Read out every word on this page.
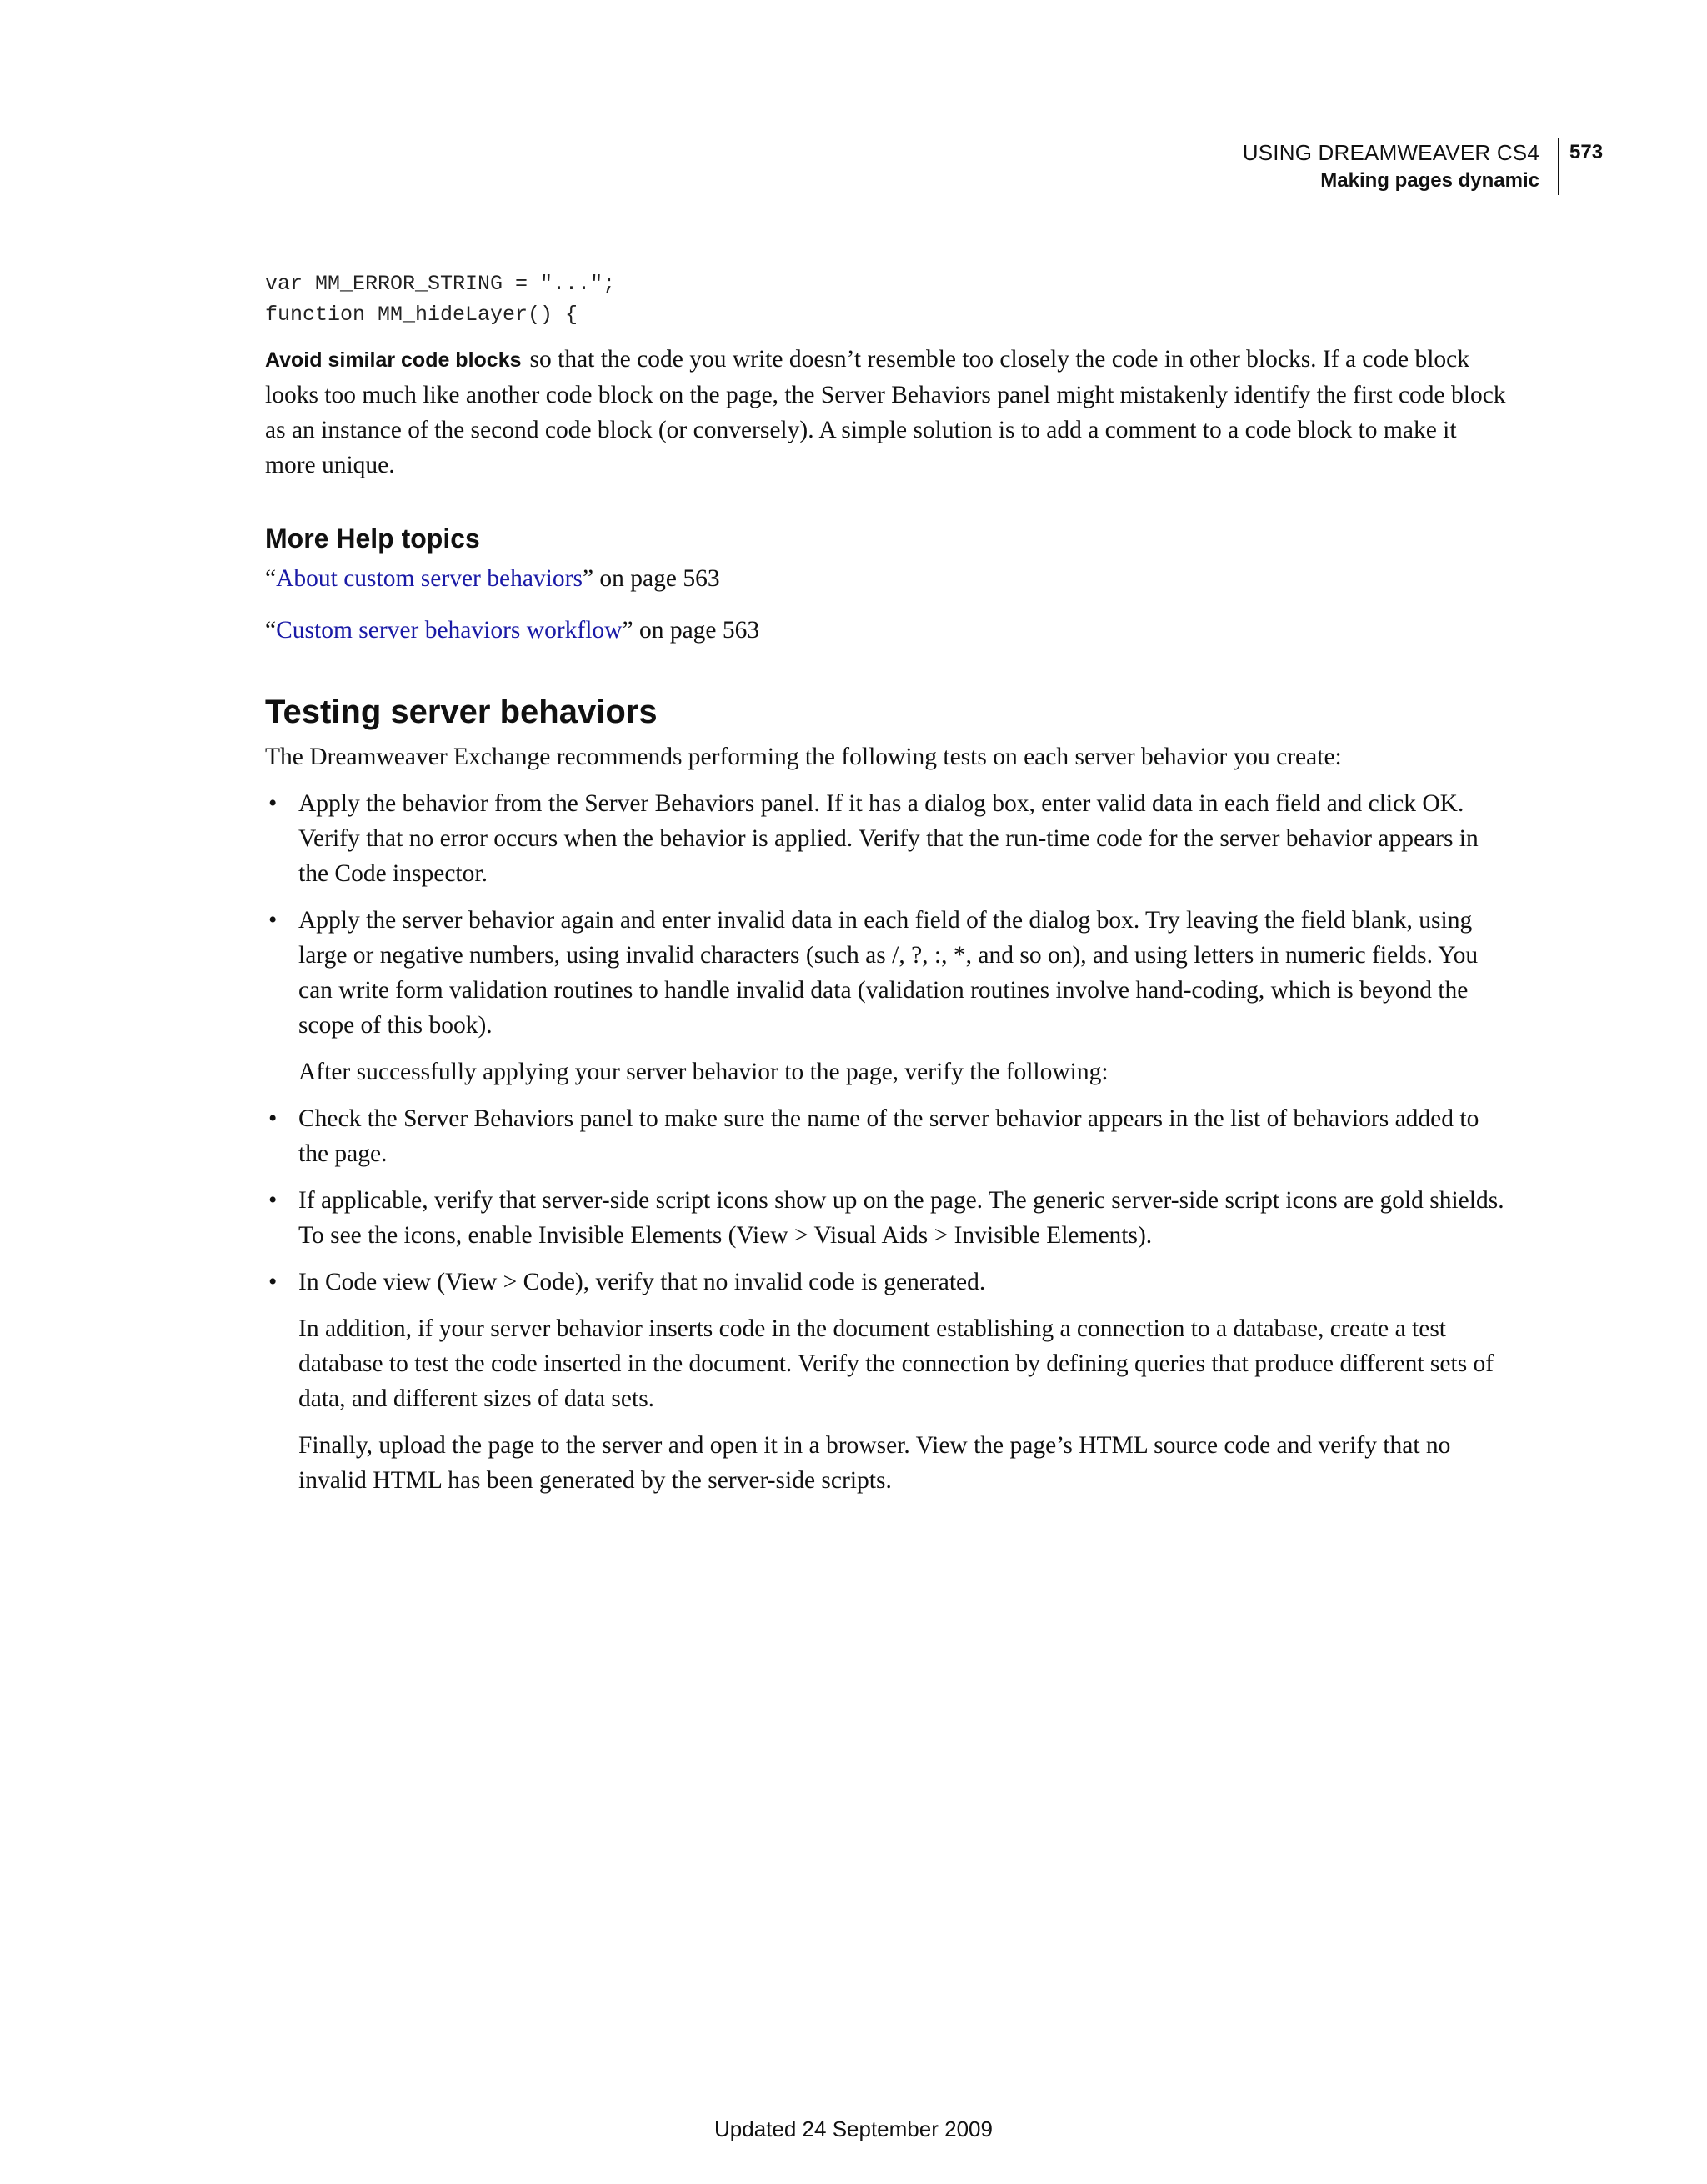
USING DREAMWEAVER CS4
Making pages dynamic
573
var MM_ERROR_STRING = "...";
function MM_hideLayer() {

Avoid similar code blocks so that the code you write doesn’t resemble too closely the code in other blocks. If a code block looks too much like another code block on the page, the Server Behaviors panel might mistakenly identify the first code block as an instance of the second code block (or conversely). A simple solution is to add a comment to a code block to make it more unique.

More Help topics

“About custom server behaviors” on page 563

“Custom server behaviors workflow” on page 563

Testing server behaviors

The Dreamweaver Exchange recommends performing the following tests on each server behavior you create:

• Apply the behavior from the Server Behaviors panel. If it has a dialog box, enter valid data in each field and click OK. Verify that no error occurs when the behavior is applied. Verify that the run-time code for the server behavior appears in the Code inspector.
• Apply the server behavior again and enter invalid data in each field of the dialog box. Try leaving the field blank, using large or negative numbers, using invalid characters (such as /, ?, :, *, and so on), and using letters in numeric fields. You can write form validation routines to handle invalid data (validation routines involve hand-coding, which is beyond the scope of this book).

After successfully applying your server behavior to the page, verify the following:

• Check the Server Behaviors panel to make sure the name of the server behavior appears in the list of behaviors added to the page.
• If applicable, verify that server-side script icons show up on the page. The generic server-side script icons are gold shields. To see the icons, enable Invisible Elements (View > Visual Aids > Invisible Elements).
• In Code view (View > Code), verify that no invalid code is generated.

In addition, if your server behavior inserts code in the document establishing a connection to a database, create a test database to test the code inserted in the document. Verify the connection by defining queries that produce different sets of data, and different sizes of data sets.

Finally, upload the page to the server and open it in a browser. View the page’s HTML source code and verify that no invalid HTML has been generated by the server-side scripts.

Updated 24 September 2009
